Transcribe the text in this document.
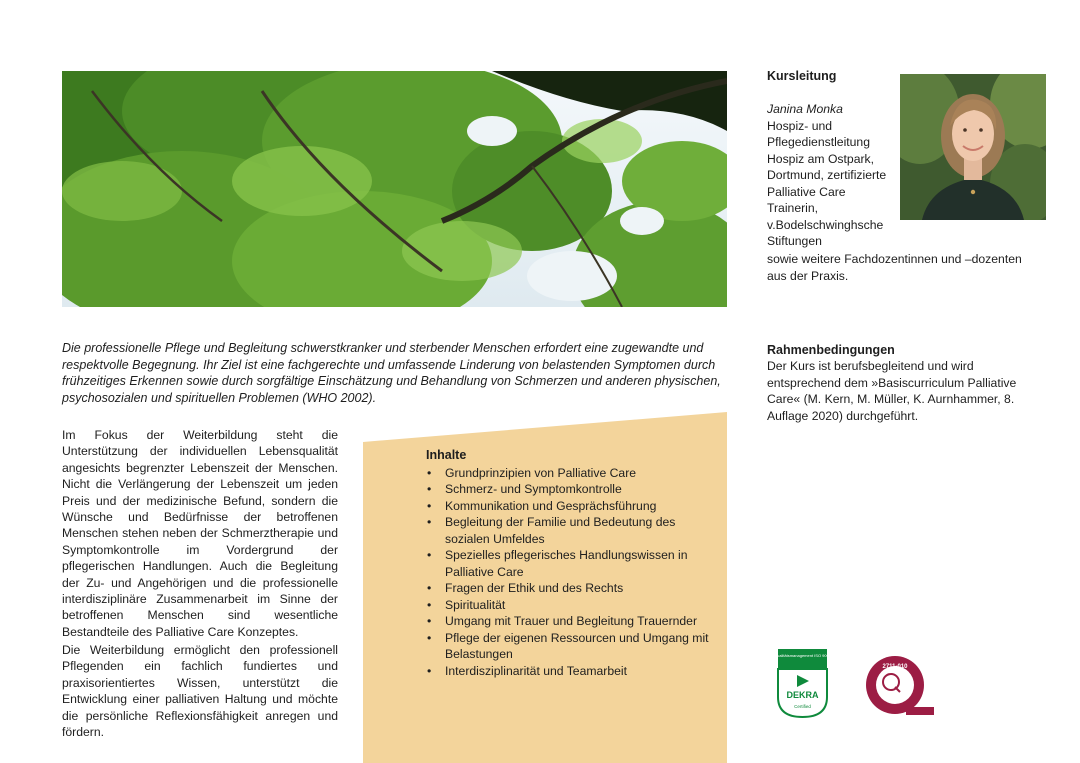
Die professionelle Pflege und Begleitung schwerstkranker und sterbender Menschen erfordert eine zugewandte und respektvolle Begegnung. Ihr Ziel ist eine fachgerechte und umfassende Linderung von belastenden Symptomen durch frühzeitiges Erkennen sowie durch sorgfältige Einschätzung und Behandlung von Schmerzen und anderen physischen, psychosozialen und spirituellen Problemen (WHO 2002).

Im Fokus der Weiterbildung steht die Unterstützung der individuellen Lebensqualität angesichts begrenzter Lebenszeit der Menschen. Nicht die Verlängerung der Lebenszeit um jeden Preis und der medizinische Befund, sondern die Wünsche und Bedürfnisse der betroffenen Menschen stehen neben der Schmerztherapie und Symptomkontrolle im Vordergrund der pflegerischen Handlungen. Auch die Begleitung der Zu- und Angehörigen und die professionelle interdisziplinäre Zusammenarbeit im Sinne der betroffenen Menschen sind wesentliche Bestandteile des Palliative Care Konzeptes.

Die Weiterbildung ermöglicht den professionell Pflegenden ein fachlich fundiertes und praxisorientiertes Wissen, unterstützt die Entwicklung einer palliativen Haltung und möchte die persönliche Reflexionsfähigkeit anregen und fördern.

Inhalte
• Grundprinzipien von Palliative Care
• Schmerz- und Symptomkontrolle
• Kommunikation und Gesprächsführung
• Begleitung der Familie und Bedeutung des sozialen Umfeldes
• Spezielles pflegerisches Handlungswissen in Palliative Care
• Fragen der Ethik und des Rechts
• Spiritualität
• Umgang mit Trauer und Begleitung Trauernder
• Pflege der eigenen Ressourcen und Umgang mit Belastungen
• Interdisziplinarität und Teamarbeit
Kursleitung
Janina Monka
Hospiz- und Pflegedienstleitung Hospiz am Ostpark, Dortmund, zertifizierte Palliative Care Trainerin, v.Bodelschwinghsche Stiftungen

sowie weitere Fachdozentinnen und –dozenten aus der Praxis.

Rahmenbedingungen

Der Kurs ist berufsbegleitend und wird entsprechend dem »Basiscurriculum Palliative Care« (M. Kern, M. Müller, K. Aurnhammer, 8. Auflage 2020) durchgeführt.

Qualitätsmanagement ISO 9001
DEKRA
Certified
2711-010
